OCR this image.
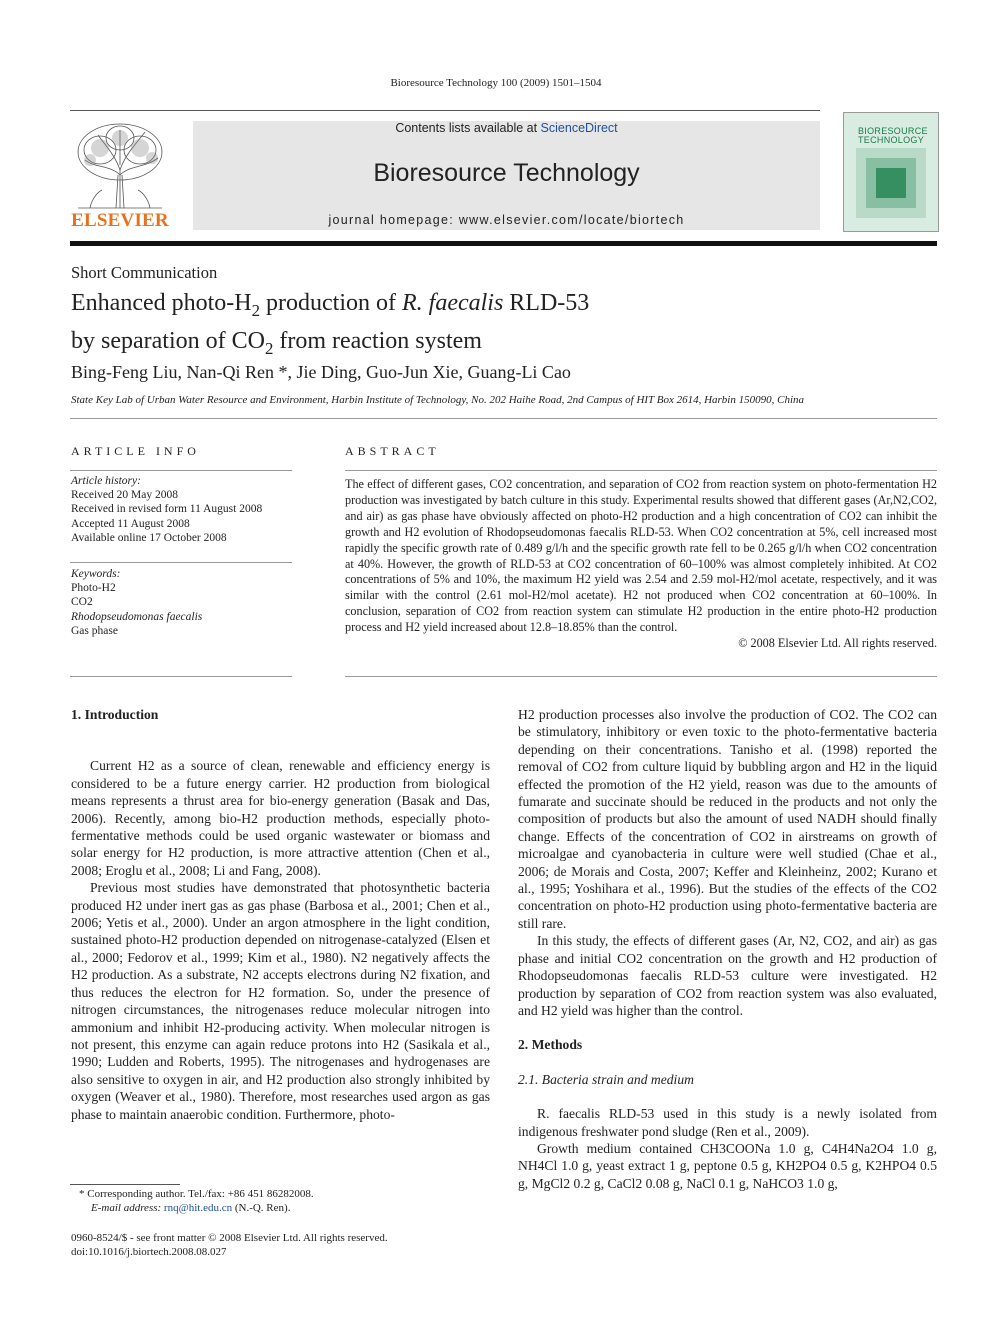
Bioresource Technology 100 (2009) 1501–1504
ELSEVIER
Contents lists available at ScienceDirect
Bioresource Technology
journal homepage: www.elsevier.com/locate/biortech
BIORESOURCE
TECHNOLOGY
Short Communication
Enhanced photo-$H_2$ production of R. faecalis RLD-53
by separation of $CO_2$ from reaction system
Bing-Feng Liu, Nan-Qi Ren *, Jie Ding, Guo-Jun Xie, Guang-Li Cao
State Key Lab of Urban Water Resource and Environment, Harbin Institute of Technology, No. 202 Haihe Road, 2nd Campus of HIT Box 2614, Harbin 150090, China
ARTICLE INFO
Article history:
Received 20 May 2008
Received in revised form 11 August 2008
Accepted 11 August 2008
Available online 17 October 2008
Keywords:
Photo-H2
CO2
Rhodopseudomonas faecalis
Gas phase
ABSTRACT
The effect of different gases, CO2 concentration, and separation of CO2 from reaction system on photo-fermentation H2 production was investigated by batch culture in this study. Experimental results showed that different gases (Ar,N2,CO2, and air) as gas phase have obviously affected on photo-H2 production and a high concentration of CO2 can inhibit the growth and H2 evolution of Rhodopseudomonas faecalis RLD-53. When CO2 concentration at 5%, cell increased most rapidly the specific growth rate of 0.489 g/l/h and the specific growth rate fell to be 0.265 g/l/h when CO2 concentration at 40%. However, the growth of RLD-53 at CO2 concentration of 60–100% was almost completely inhibited. At CO2 concentrations of 5% and 10%, the maximum H2 yield was 2.54 and 2.59 mol-H2/mol acetate, respectively, and it was similar with the control (2.61 mol-H2/mol acetate). H2 not produced when CO2 concentration at 60–100%. In conclusion, separation of CO2 from reaction system can stimulate H2 production in the entire photo-H2 production process and H2 yield increased about 12.8–18.85% than the control.
© 2008 Elsevier Ltd. All rights reserved.
1. Introduction

Current H2 as a source of clean, renewable and efficiency energy is considered to be a future energy carrier. H2 production from biological means represents a thrust area for bio-energy generation (Basak and Das, 2006). Recently, among bio-H2 production methods, especially photo-fermentative methods could be used organic wastewater or biomass and solar energy for H2 production, is more attractive attention (Chen et al., 2008; Eroglu et al., 2008; Li and Fang, 2008).

Previous most studies have demonstrated that photosynthetic bacteria produced H2 under inert gas as gas phase (Barbosa et al., 2001; Chen et al., 2006; Yetis et al., 2000). Under an argon atmosphere in the light condition, sustained photo-H2 production depended on nitrogenase-catalyzed (Elsen et al., 2000; Fedorov et al., 1999; Kim et al., 1980). N2 negatively affects the H2 production. As a substrate, N2 accepts electrons during N2 fixation, and thus reduces the electron for H2 formation. So, under the presence of nitrogen circumstances, the nitrogenases reduce molecular nitrogen into ammonium and inhibit H2-producing activity. When molecular nitrogen is not present, this enzyme can again reduce protons into H2 (Sasikala et al., 1990; Ludden and Roberts, 1995). The nitrogenases and hydrogenases are also sensitive to oxygen in air, and H2 production also strongly inhibited by oxygen (Weaver et al., 1980). Therefore, most researches used argon as gas phase to maintain anaerobic condition. Furthermore, photo-

H2 production processes also involve the production of CO2. The CO2 can be stimulatory, inhibitory or even toxic to the photo-fermentative bacteria depending on their concentrations. Tanisho et al. (1998) reported the removal of CO2 from culture liquid by bubbling argon and H2 in the liquid effected the promotion of the H2 yield, reason was due to the amounts of fumarate and succinate should be reduced in the products and not only the composition of products but also the amount of used NADH should finally change. Effects of the concentration of CO2 in airstreams on growth of microalgae and cyanobacteria in culture were well studied (Chae et al., 2006; de Morais and Costa, 2007; Keffer and Kleinheinz, 2002; Kurano et al., 1995; Yoshihara et al., 1996). But the studies of the effects of the CO2 concentration on photo-H2 production using photo-fermentative bacteria are still rare.

In this study, the effects of different gases (Ar, N2, CO2, and air) as gas phase and initial CO2 concentration on the growth and H2 production of Rhodopseudomonas faecalis RLD-53 culture were investigated. H2 production by separation of CO2 from reaction system was also evaluated, and H2 yield was higher than the control.

2. Methods
2.1. Bacteria strain and medium

R. faecalis RLD-53 used in this study is a newly isolated from indigenous freshwater pond sludge (Ren et al., 2009).

Growth medium contained CH3COONa 1.0 g, C4H4Na2O4 1.0 g, NH4Cl 1.0 g, yeast extract 1 g, peptone 0.5 g, KH2PO4 0.5 g, K2HPO4 0.5 g, MgCl2 0.2 g, CaCl2 0.08 g, NaCl 0.1 g, NaHCO3 1.0 g,

* Corresponding author. Tel./fax: +86 451 86282008.
E-mail address: rnq@hit.edu.cn (N.-Q. Ren).
0960-8524/$ - see front matter © 2008 Elsevier Ltd. All rights reserved.
doi:10.1016/j.biortech.2008.08.027
